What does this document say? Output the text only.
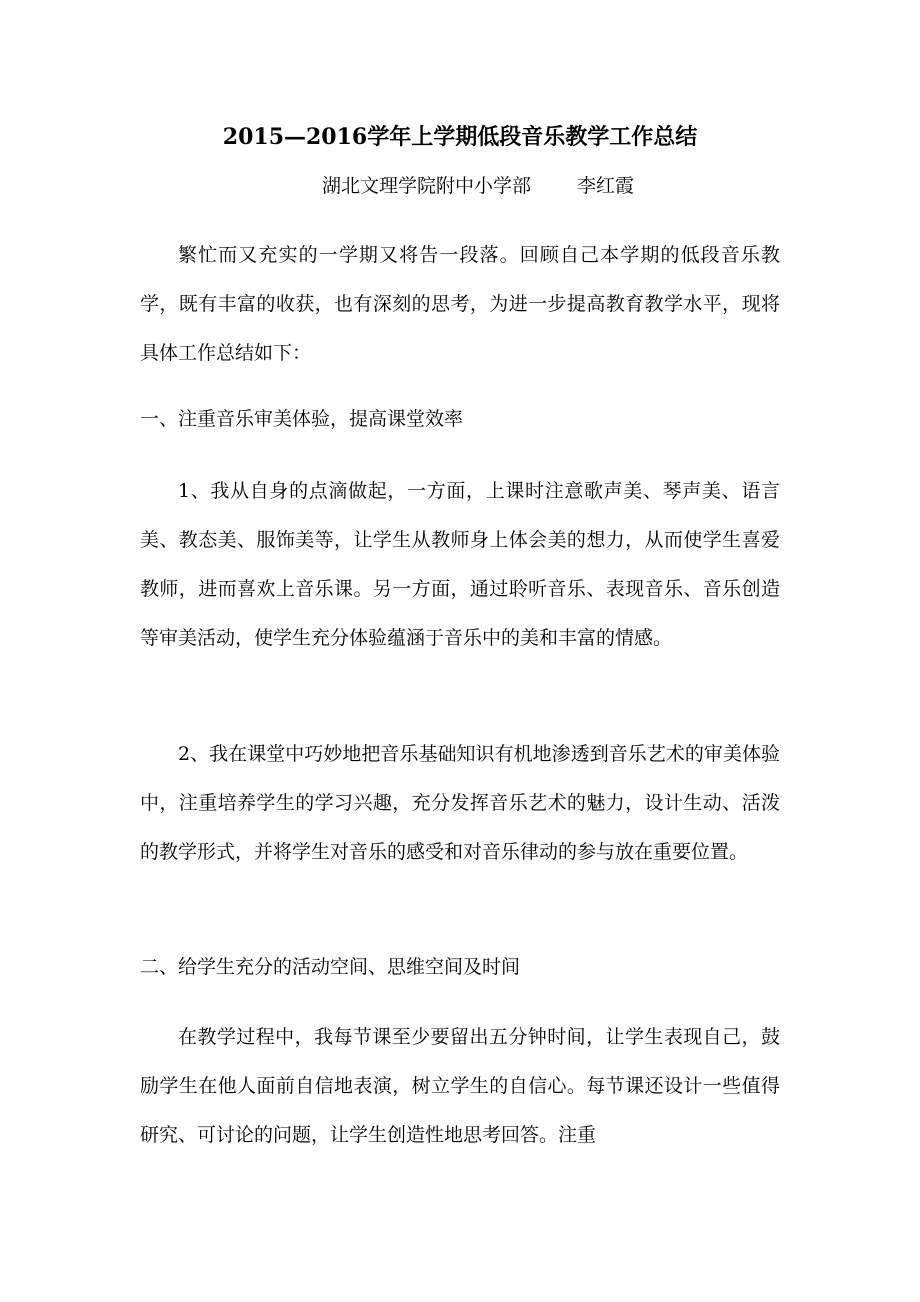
2015—2016学年上学期低段音乐教学工作总结
湖北文理学院附中小学部 李红霞

繁忙而又充实的一学期又将告一段落。回顾自己本学期的低段音乐教学，既有丰富的收获，也有深刻的思考，为进一步提高教育教学水平，现将具体工作总结如下：

一、注重音乐审美体验，提高课堂效率

1、我从自身的点滴做起，一方面，上课时注意歌声美、琴声美、语言美、教态美、服饰美等，让学生从教师身上体会美的想力，从而使学生喜爱教师，进而喜欢上音乐课。另一方面，通过聆听音乐、表现音乐、音乐创造等审美活动，使学生充分体验蕴涵于音乐中的美和丰富的情感。

2、我在课堂中巧妙地把音乐基础知识有机地渗透到音乐艺术的审美体验中，注重培养学生的学习兴趣，充分发挥音乐艺术的魅力，设计生动、活泼的教学形式，并将学生对音乐的感受和对音乐律动的参与放在重要位置。

二、给学生充分的活动空间、思维空间及时间

在教学过程中，我每节课至少要留出五分钟时间，让学生表现自己，鼓励学生在他人面前自信地表演，树立学生的自信心。每节课还设计一些值得研究、可讨论的问题，让学生创造性地思考回答。注重
